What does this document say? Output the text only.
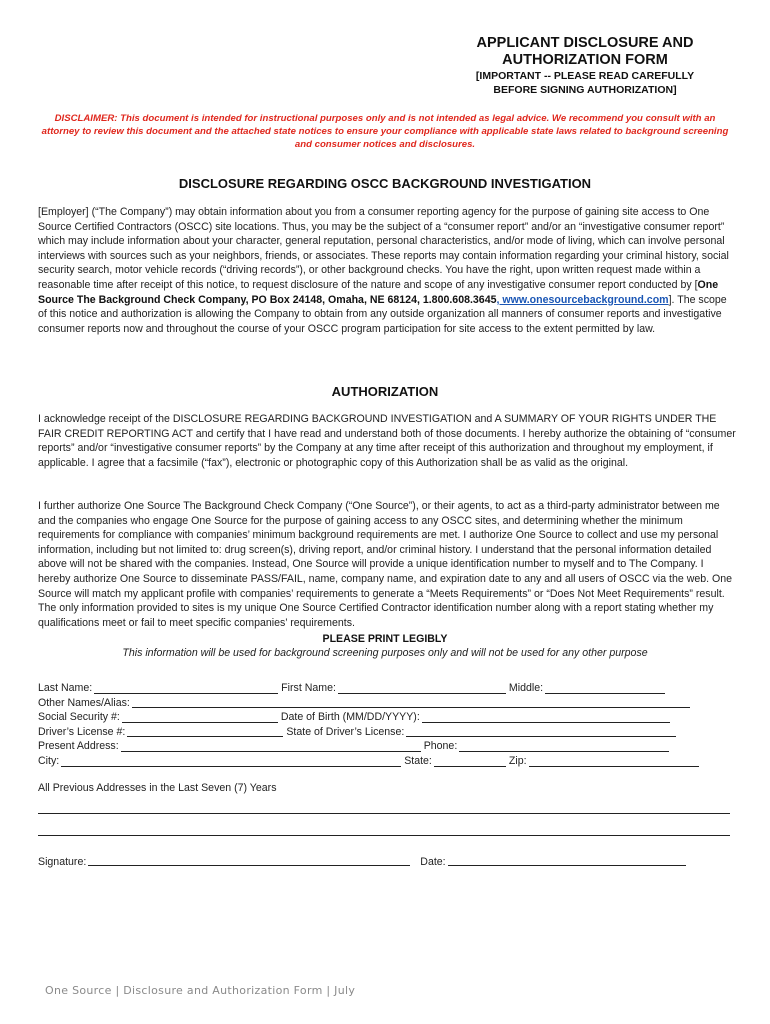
APPLICANT DISCLOSURE AND
AUTHORIZATION FORM
[IMPORTANT -- PLEASE READ CAREFULLY
BEFORE SIGNING AUTHORIZATION]
DISCLAIMER: This document is intended for instructional purposes only and is not intended as legal advice. We recommend you consult with an attorney to review this document and the attached state notices to ensure your compliance with applicable state laws related to background screening and consumer notices and disclosures.
DISCLOSURE REGARDING OSCC BACKGROUND INVESTIGATION
[Employer] (“The Company”) may obtain information about you from a consumer reporting agency for the purpose of gaining site access to One Source Certified Contractors (OSCC) site locations. Thus, you may be the subject of a “consumer report” and/or an “investigative consumer report” which may include information about your character, general reputation, personal characteristics, and/or mode of living, which can involve personal interviews with sources such as your neighbors, friends, or associates. These reports may contain information regarding your criminal history, social security search, motor vehicle records (“driving records”), or other background checks. You have the right, upon written request made within a reasonable time after receipt of this notice, to request disclosure of the nature and scope of any investigative consumer report conducted by [One Source The Background Check Company, PO Box 24148, Omaha, NE 68124, 1.800.608.3645, www.onesourcebackground.com]. The scope of this notice and authorization is allowing the Company to obtain from any outside organization all manners of consumer reports and investigative consumer reports now and throughout the course of your OSCC program participation for site access to the extent permitted by law.
AUTHORIZATION
I acknowledge receipt of the DISCLOSURE REGARDING BACKGROUND INVESTIGATION and A SUMMARY OF YOUR RIGHTS UNDER THE FAIR CREDIT REPORTING ACT and certify that I have read and understand both of those documents. I hereby authorize the obtaining of “consumer reports” and/or “investigative consumer reports” by the Company at any time after receipt of this authorization and throughout my employment, if applicable. I agree that a facsimile (“fax”), electronic or photographic copy of this Authorization shall be as valid as the original.
I further authorize One Source The Background Check Company (“One Source”), or their agents, to act as a third-party administrator between me and the companies who engage One Source for the purpose of gaining access to any OSCC sites, and determining whether the minimum requirements for compliance with companies’ minimum background requirements are met. I authorize One Source to collect and use my personal information, including but not limited to: drug screen(s), driving report, and/or criminal history. I understand that the personal information detailed above will not be shared with the companies. Instead, One Source will provide a unique identification number to myself and to The Company. I hereby authorize One Source to disseminate PASS/FAIL, name, company name, and expiration date to any and all users of OSCC via the web. One Source will match my applicant profile with companies’ requirements to generate a “Meets Requirements” or “Does Not Meet Requirements” result. The only information provided to sites is my unique One Source Certified Contractor identification number along with a report stating whether my qualifications meet or fail to meet specific companies’ requirements.
PLEASE PRINT LEGIBLY
This information will be used for background screening purposes only and will not be used for any other purpose
Last Name:	First Name:	Middle:
Other Names/Alias:
Social Security #:	Date of Birth (MM/DD/YYYY):
Driver’s License #:	State of Driver’s License:
Present Address:	Phone:
City:	State:	Zip:
All Previous Addresses in the Last Seven (7) Years
Signature:	Date:
One Source | Disclosure and Authorization Form | July
